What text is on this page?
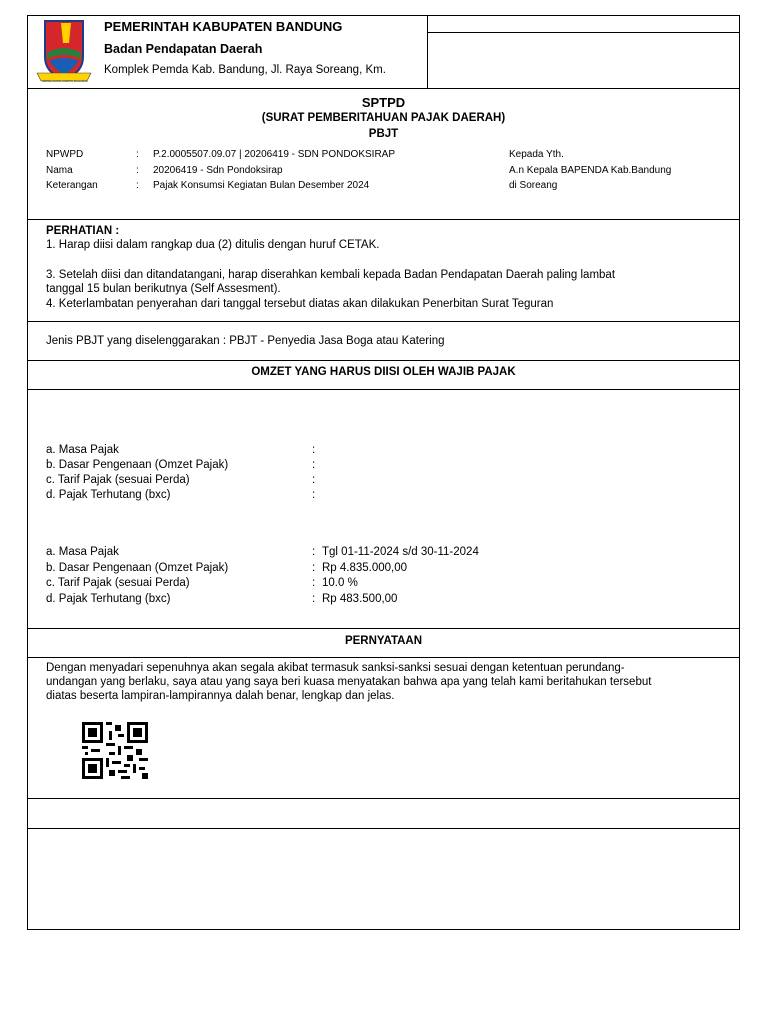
REPEH RAPIH KERTA RAHARJA
PEMERINTAH KABUPATEN BANDUNG
Badan Pendapatan Daerah
Komplek Pemda Kab. Bandung, Jl. Raya Soreang, Km.
SPTPD
(SURAT PEMBERITAHUAN PAJAK DAERAH)
PBJT
NPWPD	: P.2.0005507.09.07 | 20206419 - SDN PONDOKSIRAP
Nama	: 20206419 - Sdn Pondoksirap
Keterangan	: Pajak Konsumsi Kegiatan Bulan Desember 2024
Kepada Yth.
A.n Kepala BAPENDA Kab.Bandung
di Soreang
PERHATIAN :
1. Harap diisi dalam rangkap dua (2) ditulis dengan huruf CETAK.
3. Setelah diisi dan ditandatangani, harap diserahkan kembali kepada Badan Pendapatan Daerah paling lambat
tanggal 15 bulan berikutnya (Self Assesment).
4. Keterlambatan penyerahan dari tanggal tersebut diatas akan dilakukan Penerbitan Surat Teguran
Jenis PBJT yang diselenggarakan : PBJT - Penyedia Jasa Boga atau Katering
OMZET YANG HARUS DIISI OLEH WAJIB PAJAK
a. Masa Pajak	:
b. Dasar Pengenaan (Omzet Pajak)	:
c. Tarif Pajak (sesuai Perda)	:
d. Pajak Terhutang (bxc)	:
a. Masa Pajak	: Tgl 01-11-2024 s/d 30-11-2024
b. Dasar Pengenaan (Omzet Pajak)	: Rp 4.835.000,00
c. Tarif Pajak (sesuai Perda)	: 10.0 %
d. Pajak Terhutang (bxc)	: Rp 483.500,00
PERNYATAAN
Dengan menyadari sepenuhnya akan segala akibat termasuk sanksi-sanksi sesuai dengan ketentuan perundang-
undangan yang berlaku, saya atau yang saya beri kuasa menyatakan bahwa apa yang telah kami beritahukan tersebut
diatas beserta lampiran-lampirannya dalah benar, lengkap dan jelas.
